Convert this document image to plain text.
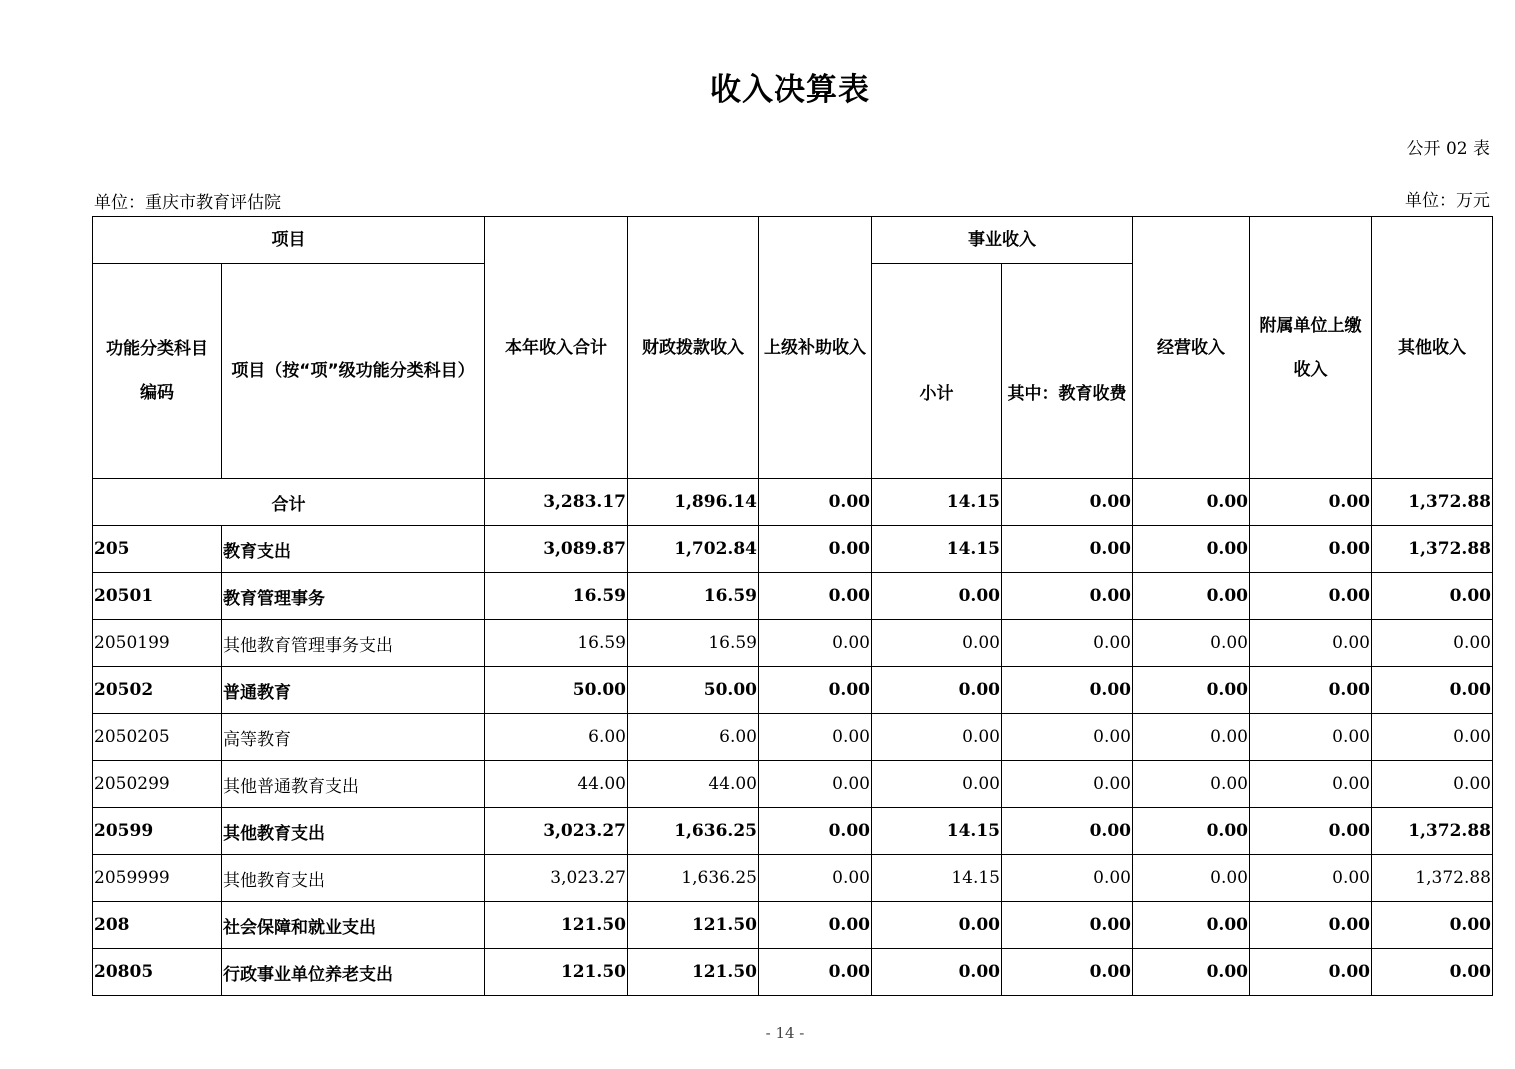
收入决算表
公开 02 表
单位：重庆市教育评估院	单位：万元
项目		本年收入合计	财政拨款收入	上级补助收入	事业收入		经营收入	附属单位上缴收入	其他收入
功能分类科目编码	项目（按“项”级功能分类科目）				小计	其中：教育收费			
合计		3,283.17	1,896.14	0.00	14.15	0.00	0.00	0.00	1,372.88
205	教育支出	3,089.87	1,702.84	0.00	14.15	0.00	0.00	0.00	1,372.88
20501	教育管理事务	16.59	16.59	0.00	0.00	0.00	0.00	0.00	0.00
2050199	其他教育管理事务支出	16.59	16.59	0.00	0.00	0.00	0.00	0.00	0.00
20502	普通教育	50.00	50.00	0.00	0.00	0.00	0.00	0.00	0.00
2050205	高等教育	6.00	6.00	0.00	0.00	0.00	0.00	0.00	0.00
2050299	其他普通教育支出	44.00	44.00	0.00	0.00	0.00	0.00	0.00	0.00
20599	其他教育支出	3,023.27	1,636.25	0.00	14.15	0.00	0.00	0.00	1,372.88
2059999	其他教育支出	3,023.27	1,636.25	0.00	14.15	0.00	0.00	0.00	1,372.88
208	社会保障和就业支出	121.50	121.50	0.00	0.00	0.00	0.00	0.00	0.00
20805	行政事业单位养老支出	121.50	121.50	0.00	0.00	0.00	0.00	0.00	0.00
- 14 -
